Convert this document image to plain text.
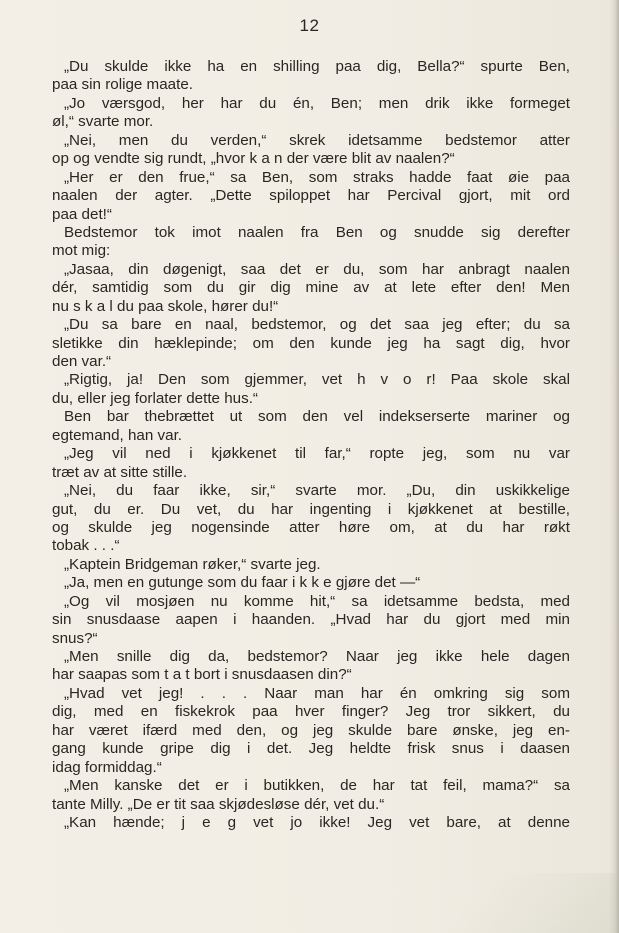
12
„Du skulde ikke ha en shilling paa dig, Bella?“ spurte Ben,
paa sin rolige maate.
„Jo værsgod, her har du én, Ben; men drik ikke formeget
øl,“ svarte mor.
„Nei, men du verden,“ skrek idetsamme bedstemor atter
op og vendte sig rundt, „hvor k a n der være blit av naalen?“
„Her er den frue,“ sa Ben, som straks hadde faat øie paa
naalen der agter. „Dette spiloppet har Percival gjort, mit ord
paa det!“
Bedstemor tok imot naalen fra Ben og snudde sig derefter
mot mig:
„Jasaa, din døgenigt, saa det er du, som har anbragt naalen
dér, samtidig som du gir dig mine av at lete efter den! Men
nu s k a l du paa skole, hører du!“
„Du sa bare en naal, bedstemor, og det saa jeg efter; du sa
sletikke din hæklepinde; om den kunde jeg ha sagt dig, hvor
den var.“
„Rigtig, ja! Den som gjemmer, vet h v o r! Paa skole skal
du, eller jeg forlater dette hus.“
Ben bar thebrættet ut som den vel indekserserte mariner og
egtemand, han var.
„Jeg vil ned i kjøkkenet til far,“ ropte jeg, som nu var
træt av at sitte stille.
„Nei, du faar ikke, sir,“ svarte mor. „Du, din uskikkelige
gut, du er. Du vet, du har ingenting i kjøkkenet at bestille,
og skulde jeg nogensinde atter høre om, at du har røkt
tobak . . .“
„Kaptein Bridgeman røker,“ svarte jeg.
„Ja, men en gutunge som du faar i k k e gjøre det —“
„Og vil mosjøen nu komme hit,“ sa idetsamme bedsta, med
sin snusdaase aapen i haanden. „Hvad har du gjort med min
snus?“
„Men snille dig da, bedstemor? Naar jeg ikke hele dagen
har saapas som t a t bort i snusdaasen din?“
„Hvad vet jeg! . . . Naar man har én omkring sig som
dig, med en fiskekrok paa hver finger? Jeg tror sikkert, du
har været ifærd med den, og jeg skulde bare ønske, jeg en-
gang kunde gripe dig i det. Jeg heldte frisk snus i daasen
idag formiddag.“
„Men kanske det er i butikken, de har tat feil, mama?“ sa
tante Milly. „De er tit saa skjødesløse dér, vet du.“
„Kan hænde; j e g vet jo ikke! Jeg vet bare, at denne
